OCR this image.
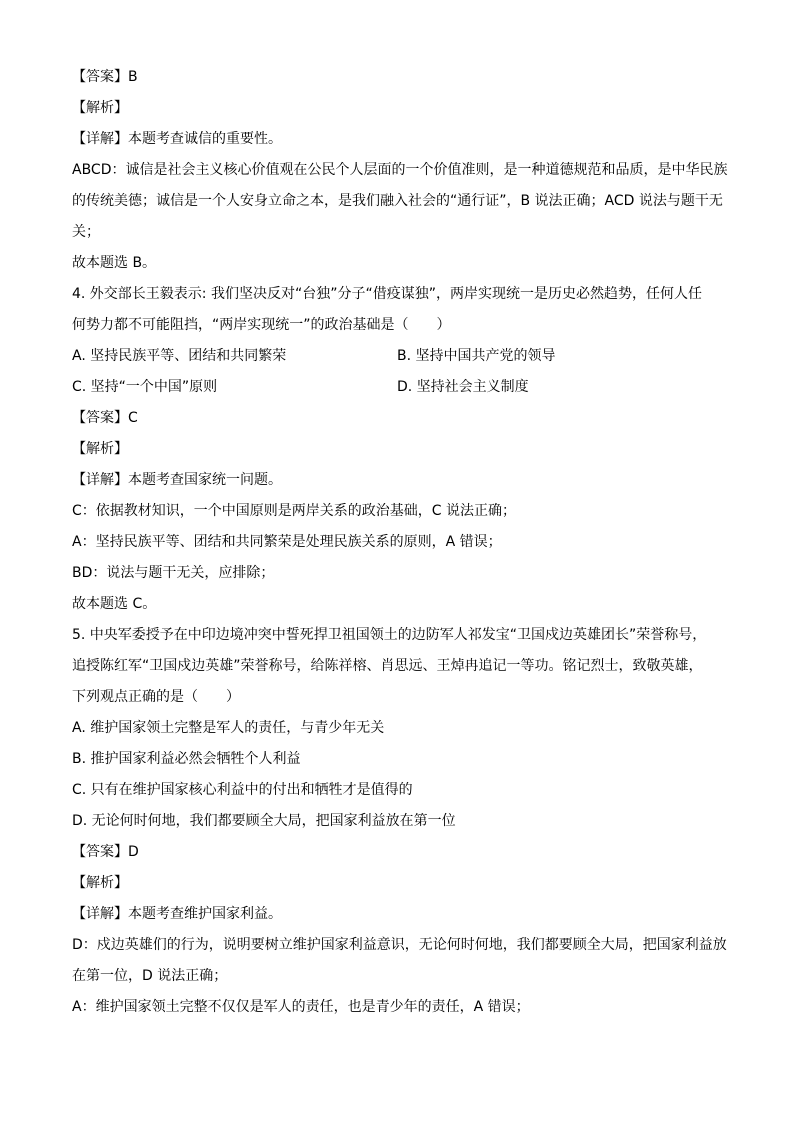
【答案】B
【解析】
【详解】本题考查诚信的重要性。
ABCD：诚信是社会主义核心价值观在公民个人层面的一个价值准则，是一种道德规范和品质，是中华民族
的传统美德；诚信是一个人安身立命之本，是我们融入社会的“通行证”，B 说法正确；ACD 说法与题干无
关；
故本题选 B。
4. 外交部长王毅表示: 我们坚决反对“台独”分子“借疫谋独”，两岸实现统一是历史必然趋势，任何人任
何势力都不可能阻挡，“两岸实现统一”的政治基础是（　　）
A. 坚持民族平等、团结和共同繁荣	B. 坚持中国共产党的领导
C. 坚持“一个中国”原则	D. 坚持社会主义制度
【答案】C
【解析】
【详解】本题考查国家统一问题。
C：依据教材知识，一个中国原则是两岸关系的政治基础，C 说法正确；
A：坚持民族平等、团结和共同繁荣是处理民族关系的原则，A 错误；
BD：说法与题干无关，应排除；
故本题选 C。
5. 中央军委授予在中印边境冲突中誓死捍卫祖国领土的边防军人祁发宝“卫国戍边英雄团长”荣誉称号，
追授陈红军“卫国戍边英雄”荣誉称号，给陈祥榕、肖思远、王焯冉追记一等功。铭记烈士，致敬英雄，
下列观点正确的是（　　）
A. 维护国家领土完整是军人的责任，与青少年无关
B. 推护国家利益必然会牺牲个人利益
C. 只有在维护国家核心利益中的付出和牺牲才是值得的
D. 无论何时何地，我们都要顾全大局，把国家利益放在第一位
【答案】D
【解析】
【详解】本题考查维护国家利益。
D：戍边英雄们的行为，说明要树立维护国家利益意识，无论何时何地，我们都要顾全大局，把国家利益放
在第一位，D 说法正确；
A：维护国家领土完整不仅仅是军人的责任，也是青少年的责任，A 错误；
